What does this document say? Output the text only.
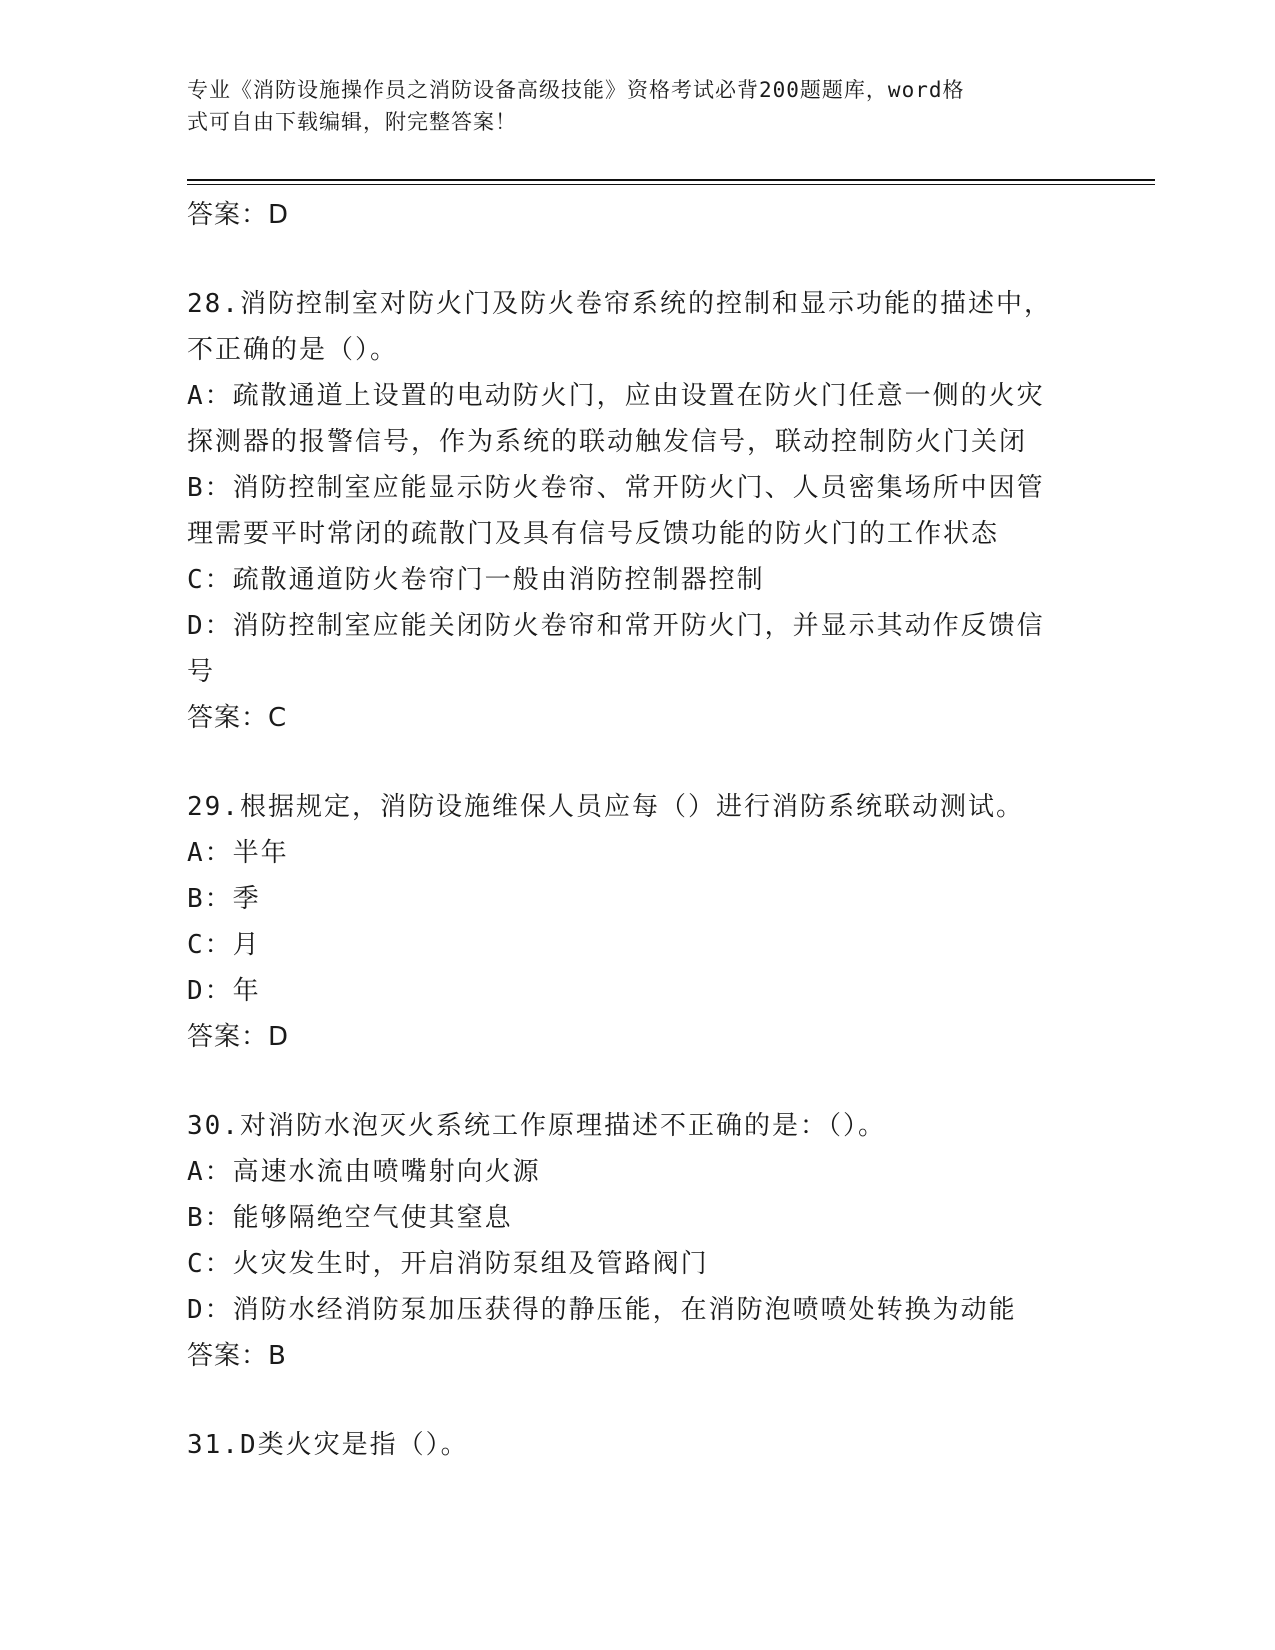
专业《消防设施操作员之消防设备高级技能》资格考试必背200题题库，word格
式可自由下载编辑，附完整答案！
答案：D
28.消防控制室对防火门及防火卷帘系统的控制和显示功能的描述中，
不正确的是（）。
A：疏散通道上设置的电动防火门，应由设置在防火门任意一侧的火灾
探测器的报警信号，作为系统的联动触发信号，联动控制防火门关闭
B：消防控制室应能显示防火卷帘、常开防火门、人员密集场所中因管
理需要平时常闭的疏散门及具有信号反馈功能的防火门的工作状态
C：疏散通道防火卷帘门一般由消防控制器控制
D：消防控制室应能关闭防火卷帘和常开防火门，并显示其动作反馈信
号
答案：C
29.根据规定，消防设施维保人员应每（）进行消防系统联动测试。
A：半年
B：季
C：月
D：年
答案：D
30.对消防水泡灭火系统工作原理描述不正确的是：（）。
A：高速水流由喷嘴射向火源
B：能够隔绝空气使其窒息
C：火灾发生时，开启消防泵组及管路阀门
D：消防水经消防泵加压获得的静压能，在消防泡喷喷处转换为动能
答案：B
31.D类火灾是指（）。
